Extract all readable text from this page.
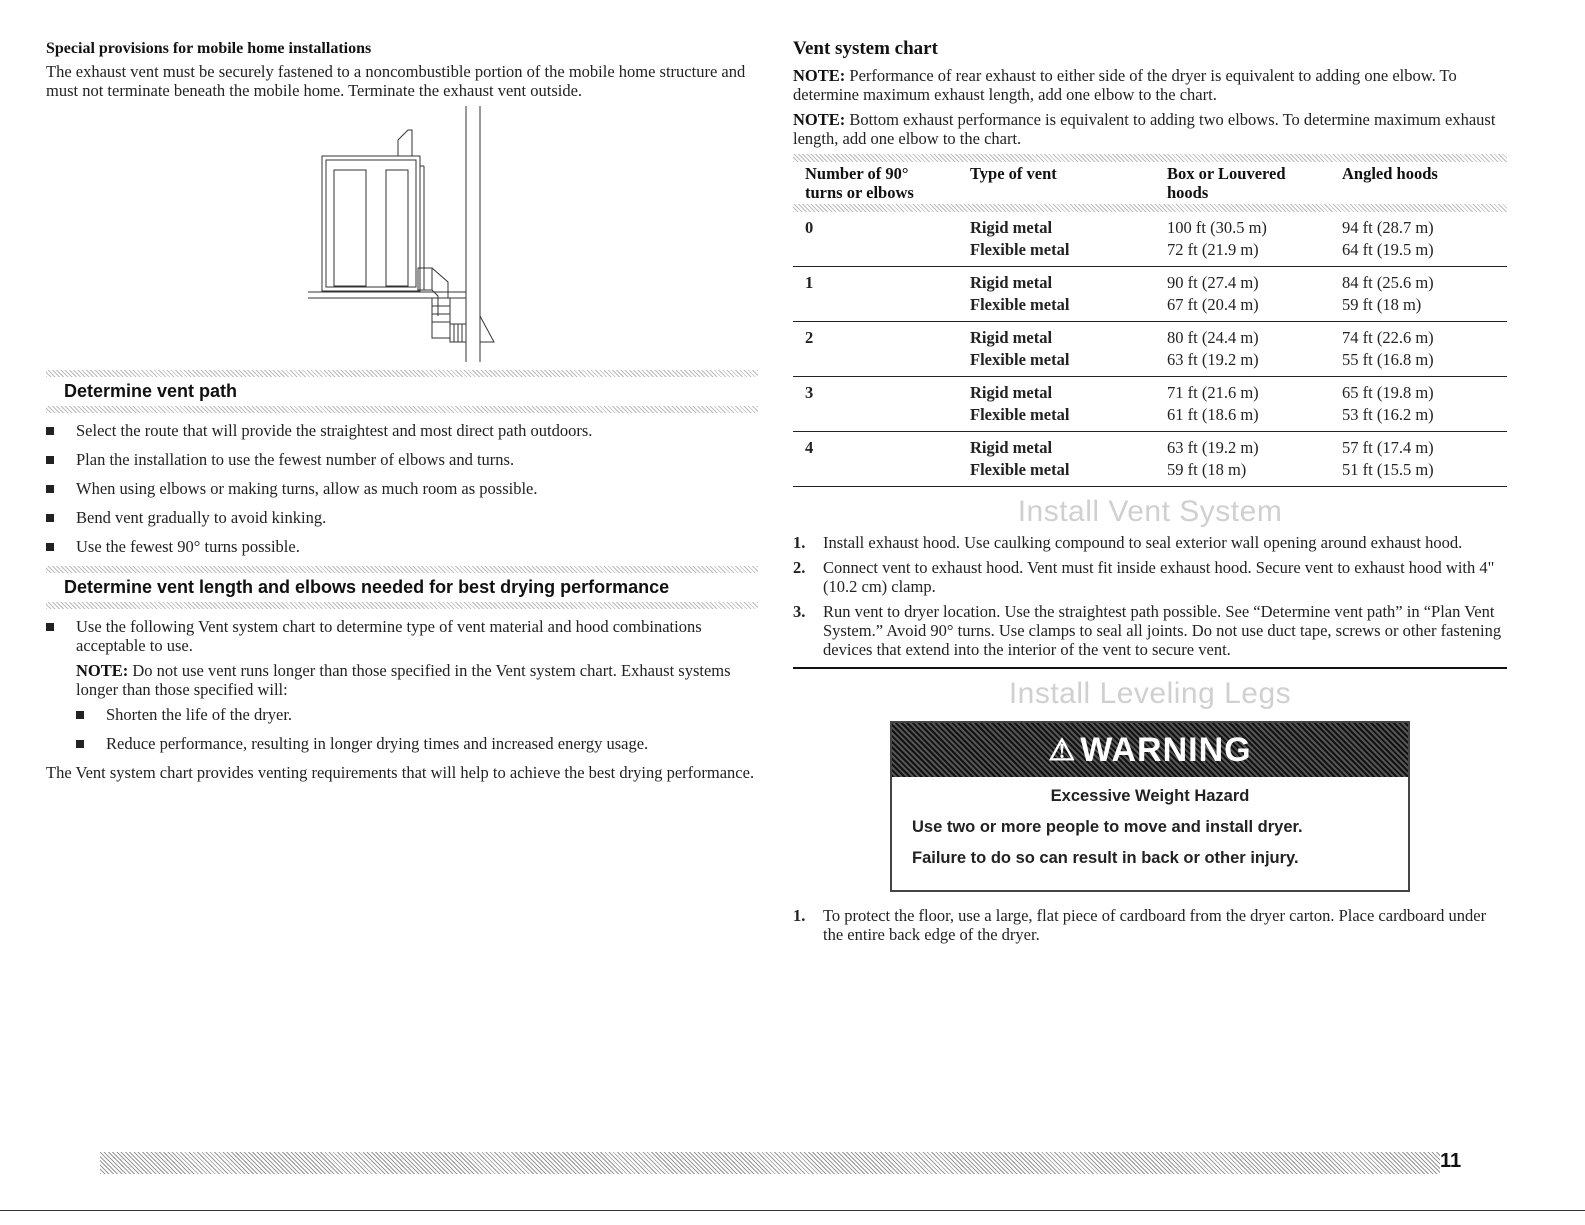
Special provisions for mobile home installations

The exhaust vent must be securely fastened to a noncombustible portion of the mobile home structure and must not terminate beneath the mobile home. Terminate the exhaust vent outside.

Determine vent path
Select the route that will provide the straightest and most direct path outdoors.
Plan the installation to use the fewest number of elbows and turns.
When using elbows or making turns, allow as much room as possible.
Bend vent gradually to avoid kinking.
Use the fewest 90° turns possible.
Determine vent length and elbows needed for best drying performance
Use the following Vent system chart to determine type of vent material and hood combinations acceptable to use.

NOTE: Do not use vent runs longer than those specified in the Vent system chart. Exhaust systems longer than those specified will:

Shorten the life of the dryer.
Reduce performance, resulting in longer drying times and increased energy usage.

The Vent system chart provides venting requirements that will help to achieve the best drying performance.

Vent system chart

NOTE: Performance of rear exhaust to either side of the dryer is equivalent to adding one elbow. To determine maximum exhaust length, add one elbow to the chart.

NOTE: Bottom exhaust performance is equivalent to adding two elbows. To determine maximum exhaust length, add one elbow to the chart.

Number of 90° turns or elbows	Type of vent	Box or Louvered hoods	Angled hoods

0	Rigid metal	100 ft (30.5 m)	94 ft (28.7 m)
	Flexible metal	72 ft (21.9 m)	64 ft (19.5 m)
1	Rigid metal	90 ft (27.4 m)	84 ft (25.6 m)
	Flexible metal	67 ft (20.4 m)	59 ft (18 m)
2	Rigid metal	80 ft (24.4 m)	74 ft (22.6 m)
	Flexible metal	63 ft (19.2 m)	55 ft (16.8 m)
3	Rigid metal	71 ft (21.6 m)	65 ft (19.8 m)
	Flexible metal	61 ft (18.6 m)	53 ft (16.2 m)
4	Rigid metal	63 ft (19.2 m)	57 ft (17.4 m)
	Flexible metal	59 ft (18 m)	51 ft (15.5 m)
Install Vent System
1. Install exhaust hood. Use caulking compound to seal exterior wall opening around exhaust hood.
2. Connect vent to exhaust hood. Vent must fit inside exhaust hood. Secure vent to exhaust hood with 4" (10.2 cm) clamp.
3. Run vent to dryer location. Use the straightest path possible. See “Determine vent path” in “Plan Vent System.” Avoid 90° turns. Use clamps to seal all joints. Do not use duct tape, screws or other fastening devices that extend into the interior of the vent to secure vent.
Install Leveling Legs
⚠ WARNING
Excessive Weight Hazard
Use two or more people to move and install dryer.
Failure to do so can result in back or other injury.
1. To protect the floor, use a large, flat piece of cardboard from the dryer carton. Place cardboard under the entire back edge of the dryer.
11
